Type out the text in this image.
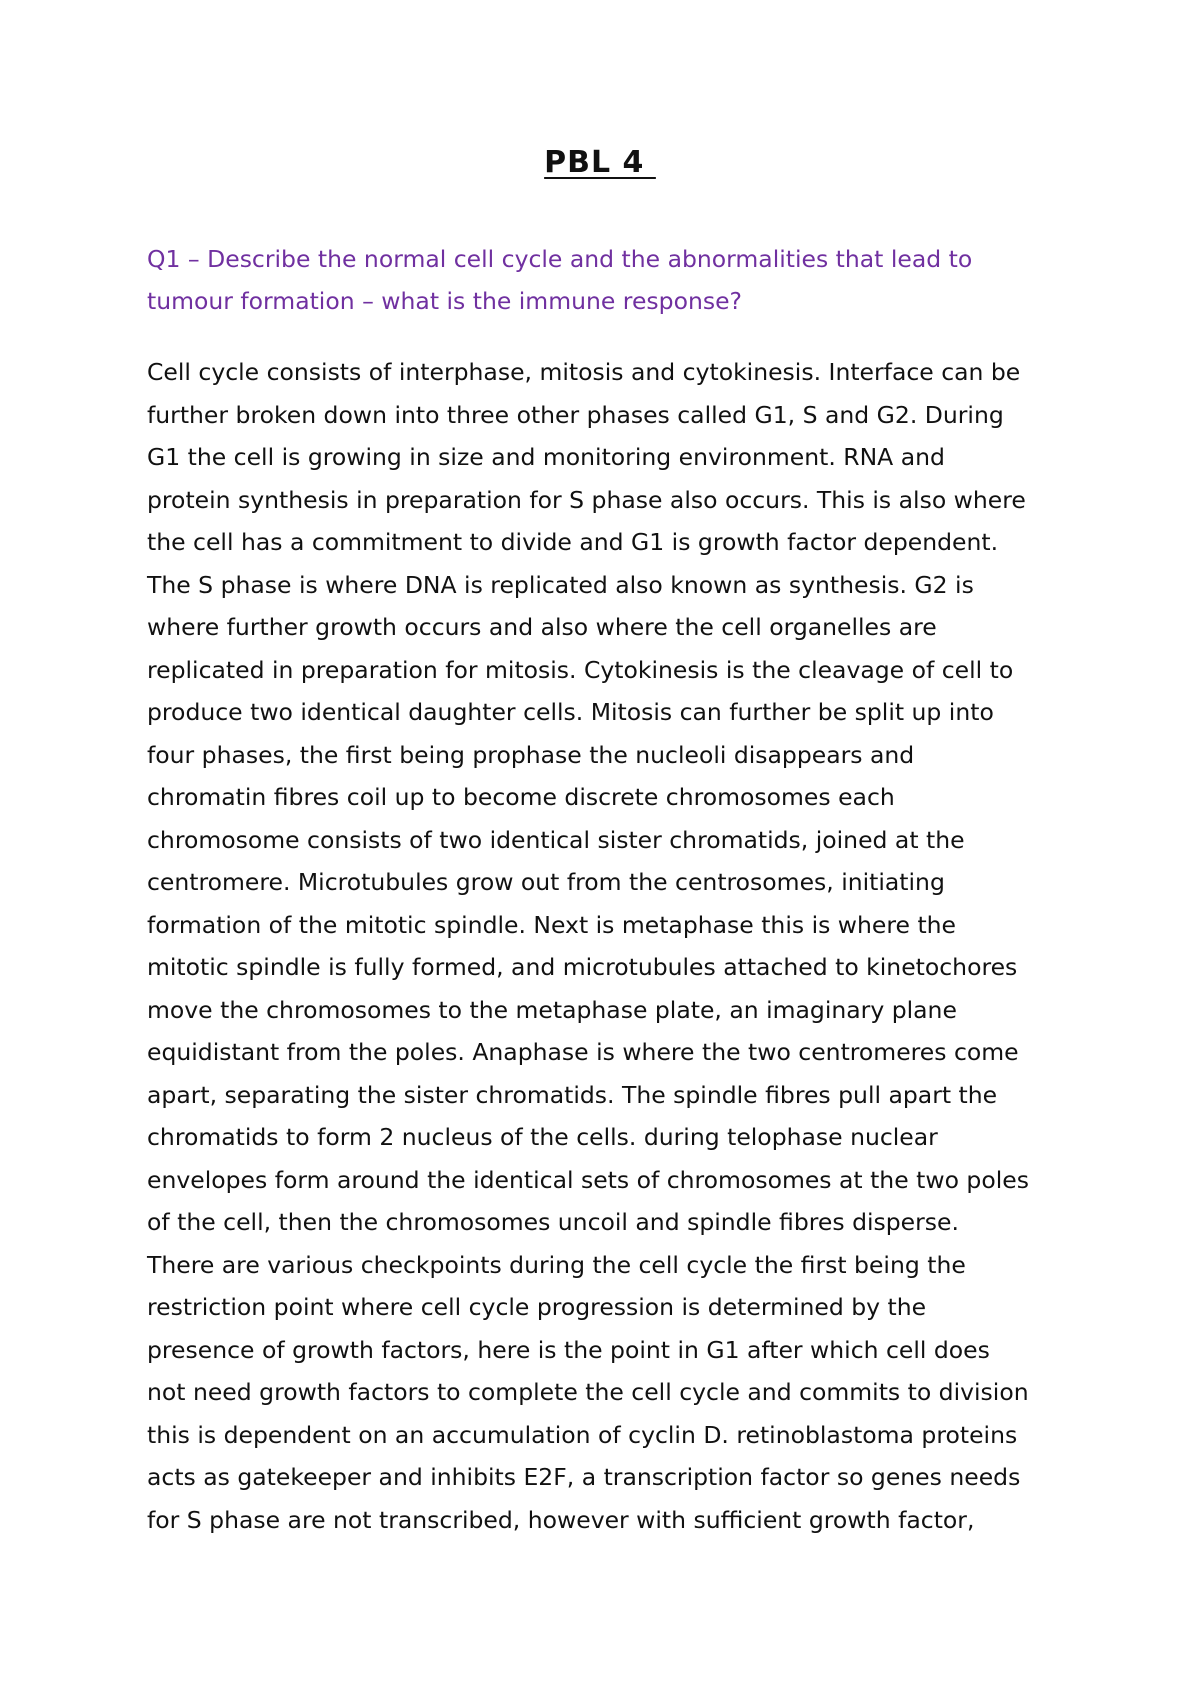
PBL 4

Q1 – Describe the normal cell cycle and the abnormalities that lead to
tumour formation – what is the immune response?

Cell cycle consists of interphase, mitosis and cytokinesis. Interface can be
further broken down into three other phases called G1, S and G2. During
G1 the cell is growing in size and monitoring environment. RNA and
protein synthesis in preparation for S phase also occurs. This is also where
the cell has a commitment to divide and G1 is growth factor dependent.
The S phase is where DNA is replicated also known as synthesis. G2 is
where further growth occurs and also where the cell organelles are
replicated in preparation for mitosis. Cytokinesis is the cleavage of cell to
produce two identical daughter cells. Mitosis can further be split up into
four phases, the first being prophase the nucleoli disappears and
chromatin fibres coil up to become discrete chromosomes each
chromosome consists of two identical sister chromatids, joined at the
centromere. Microtubules grow out from the centrosomes, initiating
formation of the mitotic spindle. Next is metaphase this is where the
mitotic spindle is fully formed, and microtubules attached to kinetochores
move the chromosomes to the metaphase plate, an imaginary plane
equidistant from the poles. Anaphase is where the two centromeres come
apart, separating the sister chromatids. The spindle fibres pull apart the
chromatids to form 2 nucleus of the cells. during telophase nuclear
envelopes form around the identical sets of chromosomes at the two poles
of the cell, then the chromosomes uncoil and spindle fibres disperse.
There are various checkpoints during the cell cycle the first being the
restriction point where cell cycle progression is determined by the
presence of growth factors, here is the point in G1 after which cell does
not need growth factors to complete the cell cycle and commits to division
this is dependent on an accumulation of cyclin D. retinoblastoma proteins
acts as gatekeeper and inhibits E2F, a transcription factor so genes needs
for S phase are not transcribed, however with sufficient growth factor,
